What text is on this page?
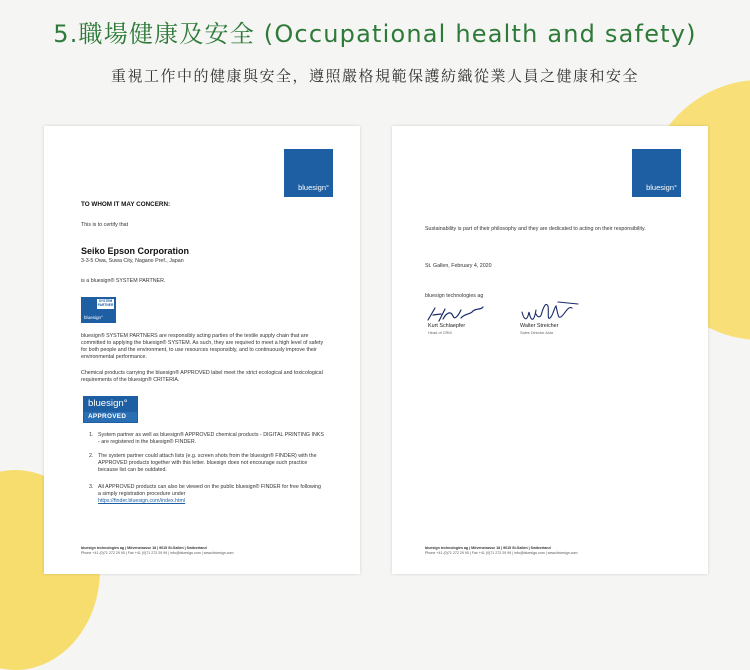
5.職場健康及安全 (Occupational health and safety)
重視工作中的健康與安全，遵照嚴格規範保護紡織從業人員之健康和安全
bluesign°
TO WHOM IT MAY CONCERN:
This is to certify that
Seiko Epson Corporation
3-3-5 Owa, Suwa City, Nagano Pref., Japan
is a bluesign® SYSTEM PARTNER.
SYSTEM PARTNER
bluesign°
bluesign® SYSTEM PARTNERS are responsibly acting parties of the textile supply chain that are committed to applying the bluesign® SYSTEM. As such, they are required to meet a high level of safety for both people and the environment, to use resources responsibly, and to continuously improve their environmental performance.
Chemical products carrying the bluesign® APPROVED label meet the strict ecological and toxicological requirements of the bluesign® CRITERIA.
bluesign°
APPROVED
1. System partner as well as bluesign® APPROVED chemical products - DIGITAL PRINTING INKS - are registered in the bluesign® FINDER.
2. The system partner could attach lists (e.g. screen shots from the bluesign® FINDER) with the APPROVED products together with this letter. bluesign does not encourage such practice because list can be outdated.
3. All APPROVED products can also be viewed on the public bluesign® FINDER for free following a simply registration procedure under
https://finder.bluesign.com/index.html
bluesign technologies ag | Mövenstrasse 18 | 9015 St.Gallen | Switzerland
Phone +41 (0)71 272 29 90 | Fax +41 (0)71 272 29 99 | info@bluesign.com | www.bluesign.com
bluesign°
Sustainability is part of their philosophy and they are dedicated to acting on their responsibility.
St. Gallen, February 4, 2020
bluesign technologies ag
Kurt Schlaepfer
Head of CRM
Walter Streicher
Sales Director Asia
bluesign technologies ag | Mövenstrasse 18 | 9015 St.Gallen | Switzerland
Phone +41 (0)71 272 29 90 | Fax +41 (0)71 272 29 99 | info@bluesign.com | www.bluesign.com
